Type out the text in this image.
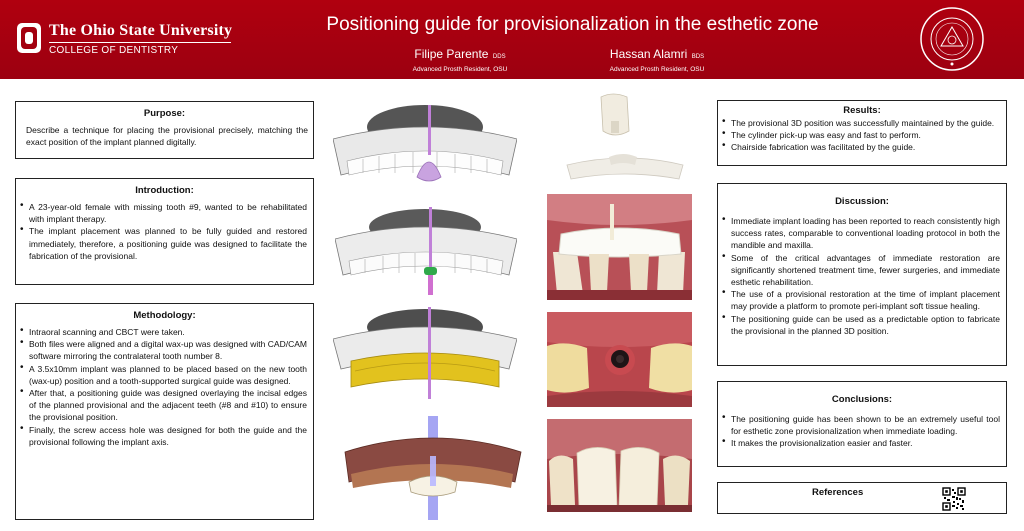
The Ohio State University
COLLEGE OF DENTISTRY
Positioning guide for provisionalization in the esthetic zone
Filipe Parente DDS
Advanced Prosth Resident, OSU
Hassan Alamri BDS
Advanced Prosth Resident, OSU
Purpose:
Describe a technique for placing the provisional precisely, matching the exact position of the implant planned digitally.
Introduction:
• A 23-year-old female with missing tooth #9, wanted to be rehabilitated with implant therapy.
• The implant placement was planned to be fully guided and restored immediately, therefore, a positioning guide was designed to facilitate the fabrication of the provisional.
Methodology:
• Intraoral scanning and CBCT were taken.
• Both files were aligned and a digital wax-up was designed with CAD/CAM software mirroring the contralateral tooth number 8.
• A 3.5x10mm implant was planned to be placed based on the new tooth (wax-up) position and a tooth-supported surgical guide was designed.
• After that, a positioning guide was designed overlaying the incisal edges of the planned provisional and the adjacent teeth (#8 and #10) to ensure the provisional position.
• Finally, the screw access hole was designed for both the guide and the provisional following the implant axis.
Results:
• The provisional 3D position was successfully maintained by the guide.
• The cylinder pick-up was easy and fast to perform.
• Chairside fabrication was facilitated by the guide.
Discussion:
• Immediate implant loading has been reported to reach consistently high success rates, comparable to conventional loading protocol in both the mandible and maxilla.
• Some of the critical advantages of immediate restoration are significantly shortened treatment time, fewer surgeries, and immediate esthetic rehabilitation.
• The use of a provisional restoration at the time of implant placement may provide a platform to promote peri-implant soft tissue healing.
• The positioning guide can be used as a predictable option to fabricate the provisional in the planned 3D position.
Conclusions:
• The positioning guide has been shown to be an extremely useful tool for esthetic zone provisionalization when immediate loading.
• It makes the provisionalization easier and faster.
References
